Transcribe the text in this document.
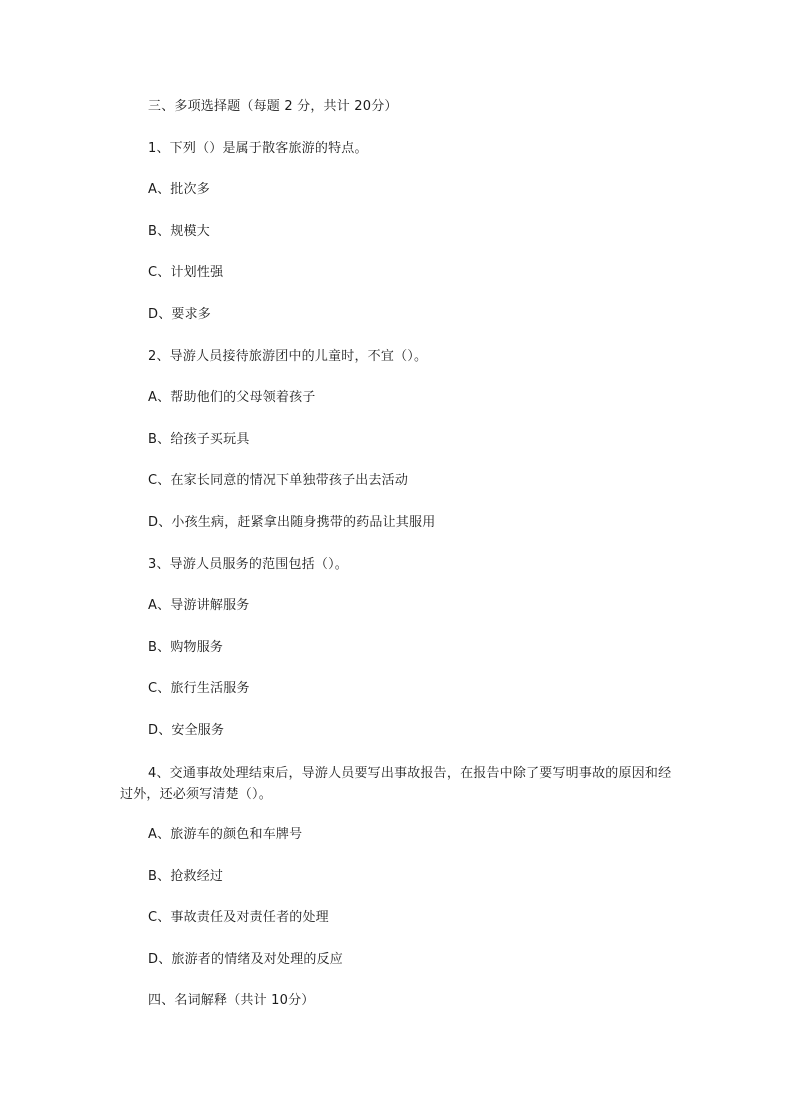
三、多项选择题（每题 2 分，共计 20分）
1、下列（）是属于散客旅游的特点。
A、批次多
B、规模大
C、计划性强
D、要求多
2、导游人员接待旅游团中的儿童时，不宜（）。
A、帮助他们的父母领着孩子
B、给孩子买玩具
C、在家长同意的情况下单独带孩子出去活动
D、小孩生病，赶紧拿出随身携带的药品让其服用
3、导游人员服务的范围包括（）。
A、导游讲解服务
B、购物服务
C、旅行生活服务
D、安全服务
4、交通事故处理结束后，导游人员要写出事故报告，在报告中除了要写明事故的原因和经过外，还必须写清楚（）。
A、旅游车的颜色和车牌号
B、抢救经过
C、事故责任及对责任者的处理
D、旅游者的情绪及对处理的反应
四、名词解释（共计 10分）
